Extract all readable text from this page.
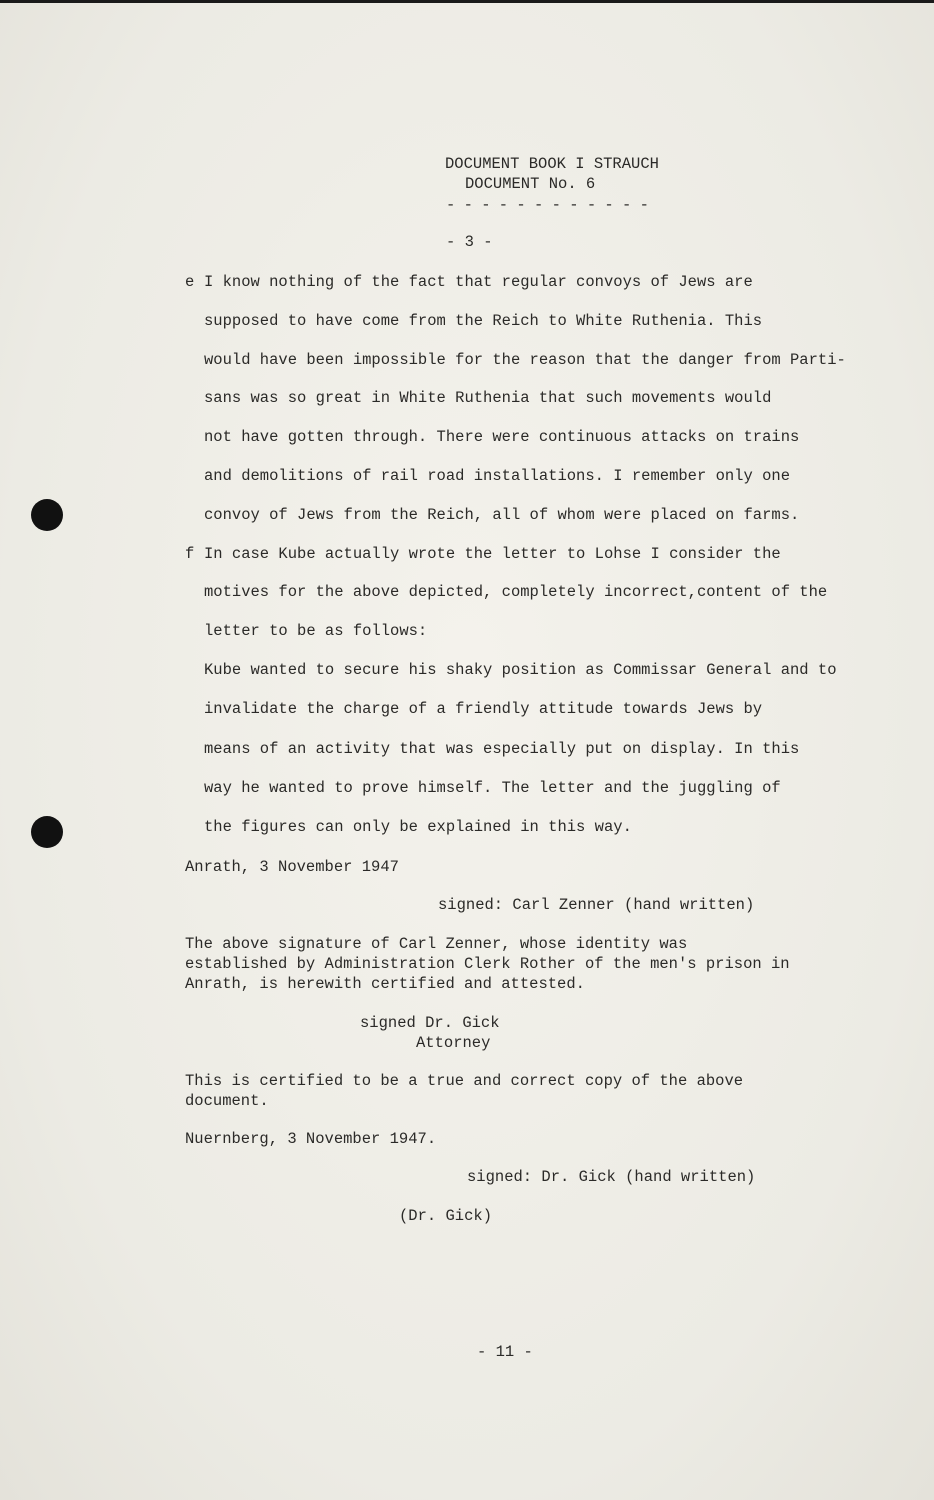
DOCUMENT BOOK I STRAUCH
DOCUMENT No. 6
- - - - - - - - - - - -
- 3 -
e I know nothing of the fact that regular convoys of Jews are
supposed to have come from the Reich to White Ruthenia. This
would have been impossible for the reason that the danger from Parti-
sans was so great in White Ruthenia that such movements would
not have gotten through. There were continuous attacks on trains
and demolitions of rail road installations. I remember only one
convoy of Jews from the Reich, all of whom were placed on farms.
f In case Kube actually wrote the letter to Lohse I consider the
motives for the above depicted, completely incorrect,content of the
letter to be as follows:
Kube wanted to secure his shaky position as Commissar General and to
invalidate the charge of a friendly attitude towards Jews by
means of an activity that was especially put on display. In this
way he wanted to prove himself. The letter and the juggling of
the figures can only be explained in this way.
Anrath, 3 November 1947
signed: Carl Zenner (hand written)
The above signature of Carl Zenner, whose identity was
established by Administration Clerk Rother of the men's prison in
Anrath, is herewith certified and attested.
signed Dr. Gick
Attorney
This is certified to be a true and correct copy of the above
document.
Nuernberg, 3 November 1947.
signed: Dr. Gick (hand written)
(Dr. Gick)
- 11 -
